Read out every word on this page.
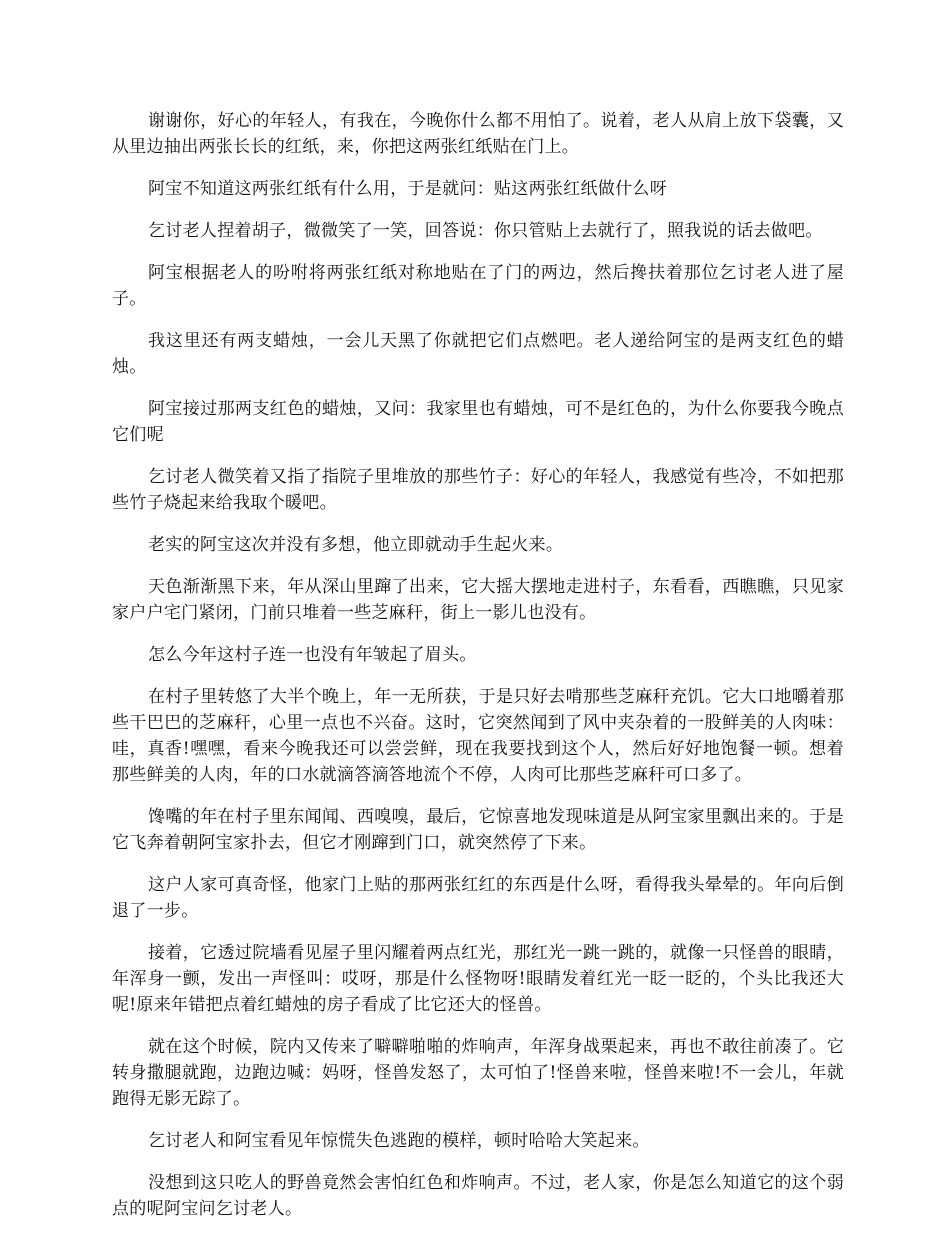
谢谢你，好心的年轻人，有我在，今晚你什么都不用怕了。说着，老人从肩上放下袋囊，又从里边抽出两张长长的红纸，来，你把这两张红纸贴在门上。

阿宝不知道这两张红纸有什么用，于是就问：贴这两张红纸做什么呀

乞讨老人捏着胡子，微微笑了一笑，回答说：你只管贴上去就行了，照我说的话去做吧。

阿宝根据老人的吩咐将两张红纸对称地贴在了门的两边，然后搀扶着那位乞讨老人进了屋子。

我这里还有两支蜡烛，一会儿天黑了你就把它们点燃吧。老人递给阿宝的是两支红色的蜡烛。

阿宝接过那两支红色的蜡烛，又问：我家里也有蜡烛，可不是红色的，为什么你要我今晚点它们呢

乞讨老人微笑着又指了指院子里堆放的那些竹子：好心的年轻人，我感觉有些冷，不如把那些竹子烧起来给我取个暖吧。

老实的阿宝这次并没有多想，他立即就动手生起火来。

天色渐渐黑下来，年从深山里蹿了出来，它大摇大摆地走进村子，东看看，西瞧瞧，只见家家户户宅门紧闭，门前只堆着一些芝麻秆，街上一影儿也没有。

怎么今年这村子连一也没有年皱起了眉头。

在村子里转悠了大半个晚上，年一无所获，于是只好去啃那些芝麻秆充饥。它大口地嚼着那些干巴巴的芝麻秆，心里一点也不兴奋。这时，它突然闻到了风中夹杂着的一股鲜美的人肉味：哇，真香!嘿嘿，看来今晚我还可以尝尝鲜，现在我要找到这个人，然后好好地饱餐一顿。想着那些鲜美的人肉，年的口水就滴答滴答地流个不停，人肉可比那些芝麻秆可口多了。

馋嘴的年在村子里东闻闻、西嗅嗅，最后，它惊喜地发现味道是从阿宝家里飘出来的。于是它飞奔着朝阿宝家扑去，但它才刚蹿到门口，就突然停了下来。

这户人家可真奇怪，他家门上贴的那两张红红的东西是什么呀，看得我头晕晕的。年向后倒退了一步。

接着，它透过院墙看见屋子里闪耀着两点红光，那红光一跳一跳的，就像一只怪兽的眼睛，年浑身一颤，发出一声怪叫：哎呀，那是什么怪物呀!眼睛发着红光一眨一眨的，个头比我还大呢!原来年错把点着红蜡烛的房子看成了比它还大的怪兽。

就在这个时候，院内又传来了噼噼啪啪的炸响声，年浑身战栗起来，再也不敢往前凑了。它转身撒腿就跑，边跑边喊：妈呀，怪兽发怒了，太可怕了!怪兽来啦，怪兽来啦!不一会儿，年就跑得无影无踪了。

乞讨老人和阿宝看见年惊慌失色逃跑的模样，顿时哈哈大笑起来。

没想到这只吃人的野兽竟然会害怕红色和炸响声。不过，老人家，你是怎么知道它的这个弱点的呢阿宝问乞讨老人。
